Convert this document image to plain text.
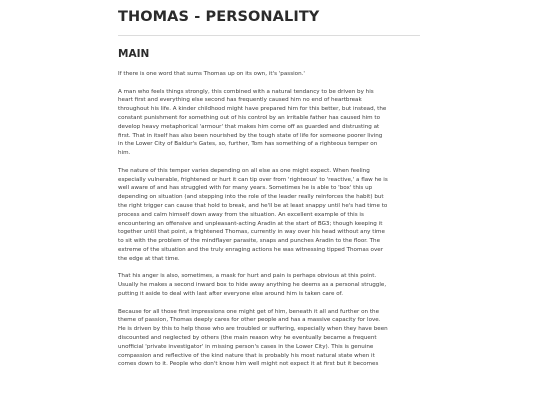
THOMAS - PERSONALITY
MAIN

If there is one word that sums Thomas up on its own, it's 'passion.'

A man who feels things strongly, this combined with a natural tendancy to be driven by his
heart first and everything else second has frequently caused him no end of heartbreak
throughout his life. A kinder childhood might have prepared him for this better, but instead, the
constant punishment for something out of his control by an irritable father has caused him to
develop heavy metaphorical 'armour' that makes him come off as guarded and distrusting at
first. That in itself has also been nourished by the tough state of life for someone poorer living
in the Lower City of Baldur's Gates, so, further, Tom has something of a righteous temper on
him.

The nature of this temper varies depending on all else as one might expect. When feeling
especially vulnerable, frightened or hurt it can tip over from 'righteous' to 'reactive,' a flaw he is
well aware of and has struggled with for many years. Sometimes he is able to 'box' this up
depending on situation (and stepping into the role of the leader really reinforces the habit) but
the right trigger can cause that hold to break, and he'll be at least snappy until he's had time to
process and calm himself down away from the situation. An excellent example of this is
encountering an offensive and unpleasant-acting Aradin at the start of BG3; though keeping it
together until that point, a frightened Thomas, currently in way over his head without any time
to sit with the problem of the mindflayer parasite, snaps and punches Aradin to the floor. The
extreme of the situation and the truly enraging actions he was witnessing tipped Thomas over
the edge at that time.

That his anger is also, sometimes, a mask for hurt and pain is perhaps obvious at this point.
Usually he makes a second inward box to hide away anything he deems as a personal struggle,
putting it aside to deal with last after everyone else around him is taken care of.

Because for all those first impressions one might get of him, beneath it all and further on the
theme of passion, Thomas deeply cares for other people and has a massive capacity for love.
He is driven by this to help those who are troubled or suffering, especially when they have been
discounted and neglected by others (the main reason why he eventually became a frequent
unofficial 'private investigator' in missing person's cases in the Lower City). This is genuine
compassion and reflective of the kind nature that is probably his most natural state when it
comes down to it. People who don't know him well might not expect it at first but it becomes
